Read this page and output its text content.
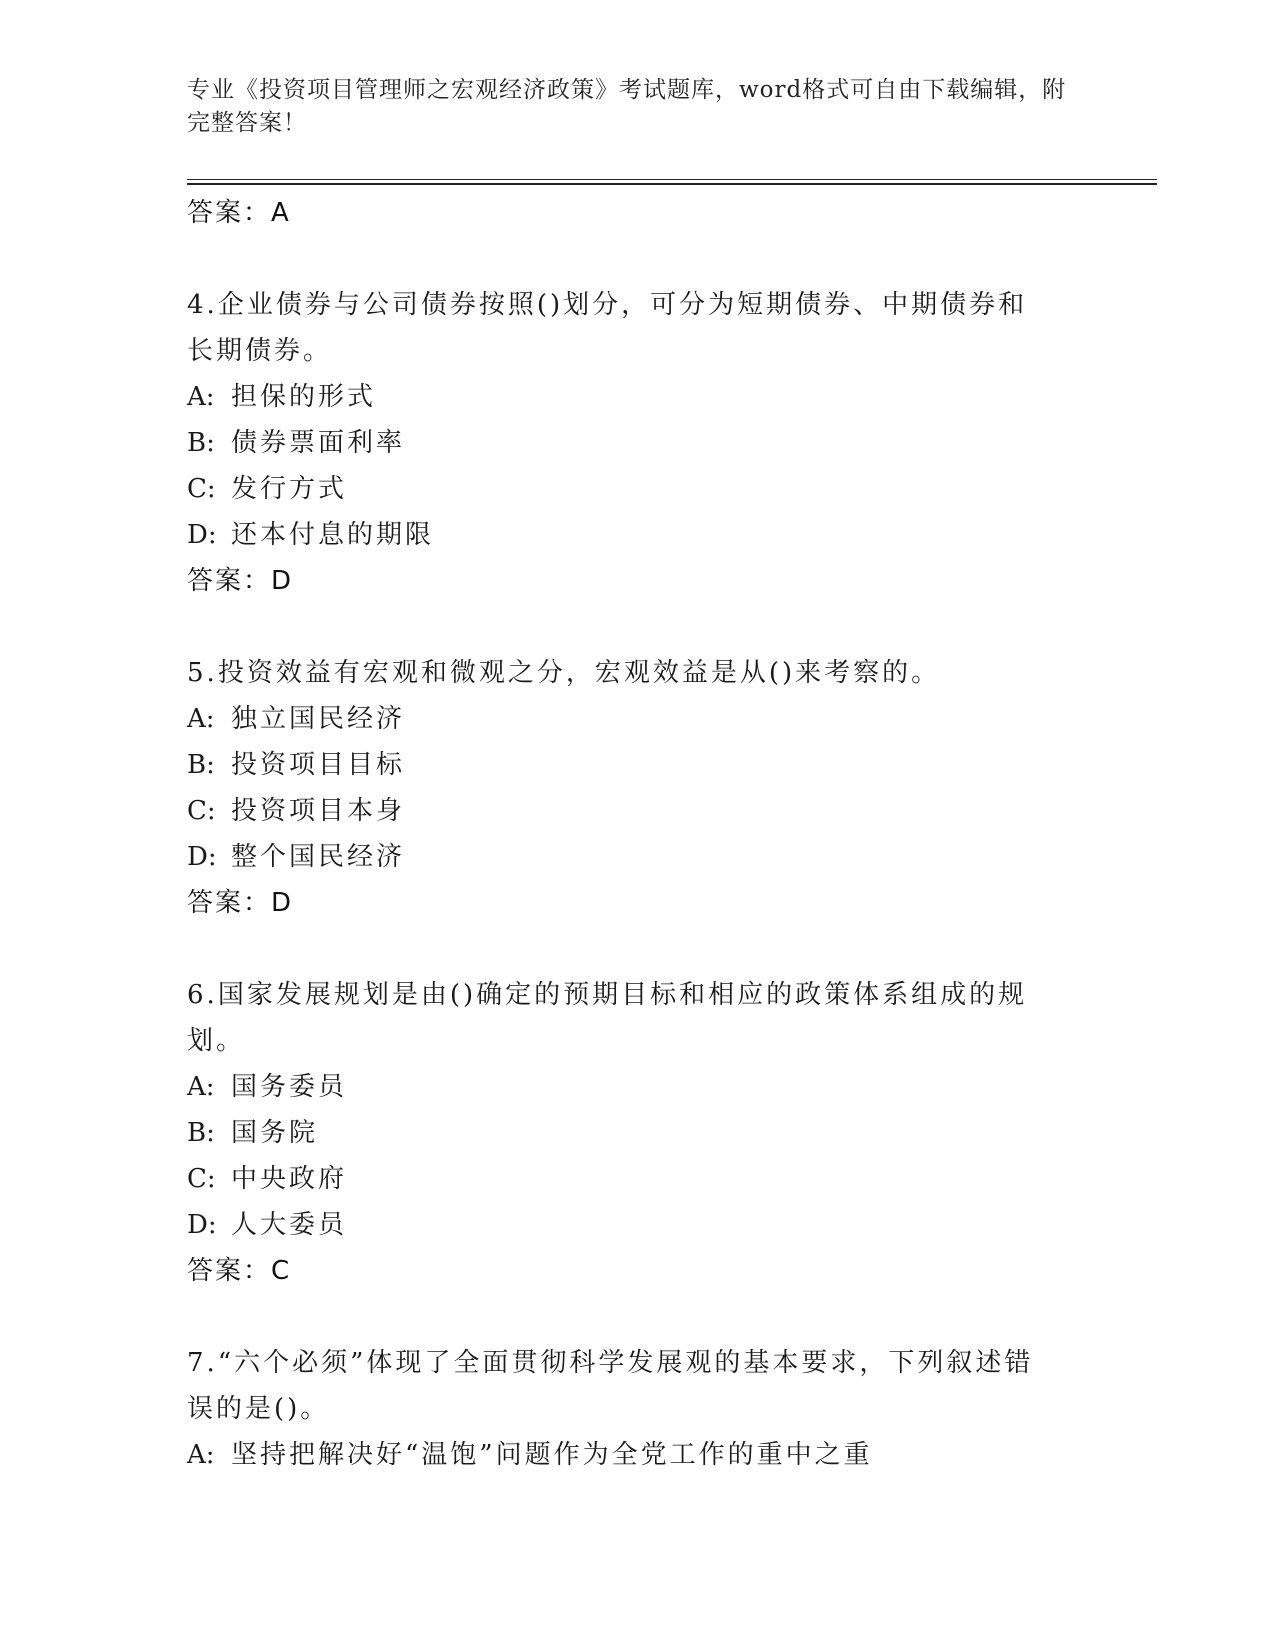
专业《投资项目管理师之宏观经济政策》考试题库，word格式可自由下载编辑，附完整答案！
答案：A
4.企业债券与公司债券按照()划分，可分为短期债券、中期债券和长期债券。
A: 担保的形式
B: 债券票面利率
C: 发行方式
D: 还本付息的期限
答案：D
5.投资效益有宏观和微观之分，宏观效益是从()来考察的。
A: 独立国民经济
B: 投资项目目标
C: 投资项目本身
D: 整个国民经济
答案：D
6.国家发展规划是由()确定的预期目标和相应的政策体系组成的规划。
A: 国务委员
B: 国务院
C: 中央政府
D: 人大委员
答案：C
7.“六个必须”体现了全面贯彻科学发展观的基本要求，下列叙述错误的是()。
A: 坚持把解决好“温饱”问题作为全党工作的重中之重
